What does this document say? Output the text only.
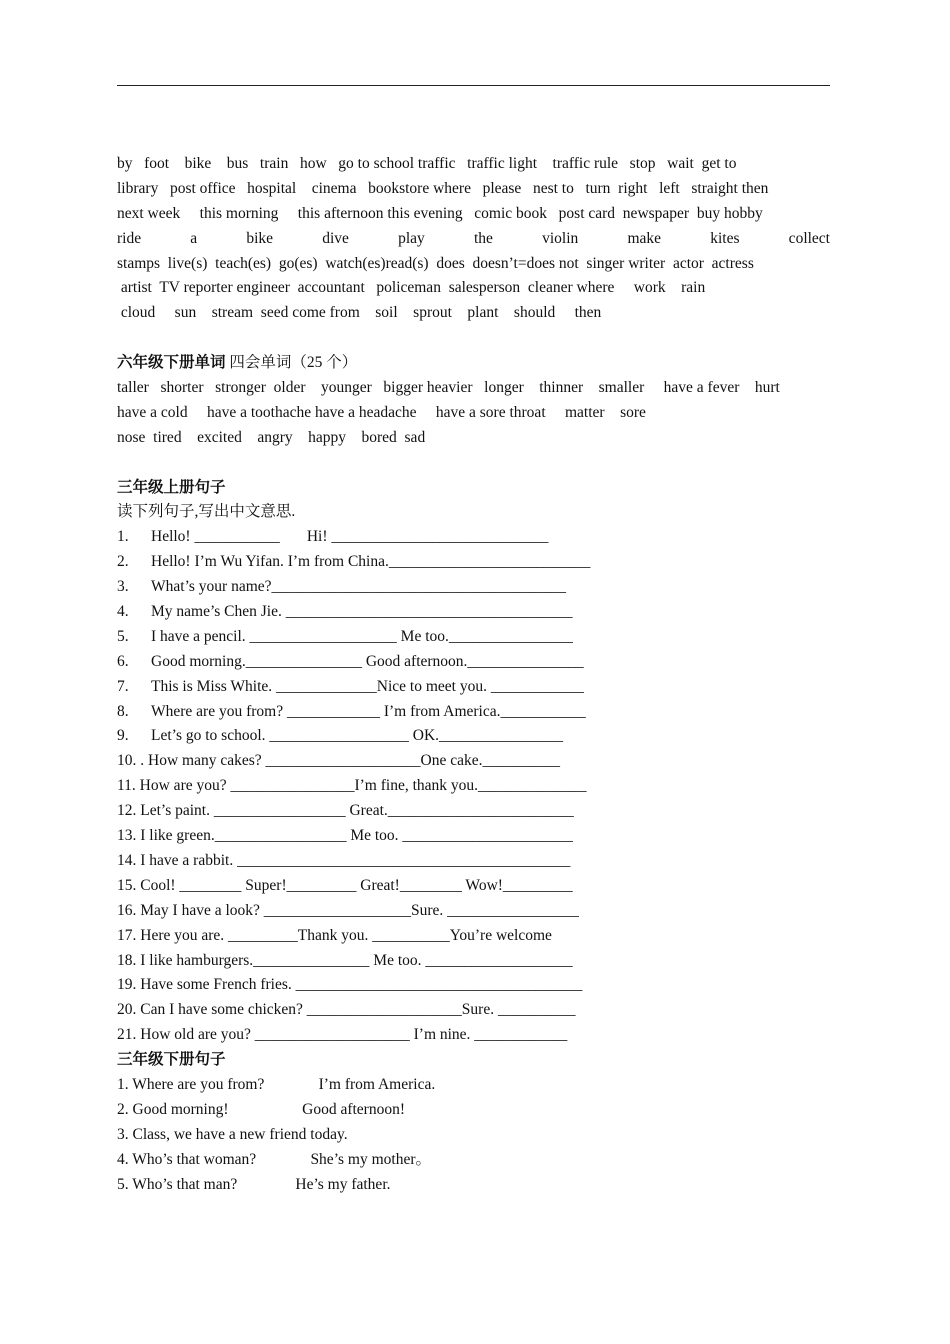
by   foot    bike    bus   train   how   go to school traffic   traffic light    traffic rule   stop   wait  get to
library   post office   hospital    cinema   bookstore where   please   nest to   turn  right   left   straight then
next week     this morning     this afternoon this evening   comic book   post card  newspaper  buy hobby
ride a bike dive play the violin make kites collect
stamps  live(s)  teach(es)  go(es)  watch(es)read(s)  does  doesn’t=does not  singer writer  actor  actress
artist  TV reporter engineer  accountant   policeman  salesperson  cleaner where     work    rain
cloud     sun    stream  seed come from    soil    sprout    plant    should     then
六年级下册单词 四会单词（25 个）
taller   shorter   stronger  older    younger   bigger heavier   longer    thinner    smaller     have a fever    hurt
have a cold     have a toothache have a headache     have a sore throat     matter    sore
nose  tired    excited    angry    happy    bored  sad
三年级上册句子
读下列句子,写出中文意思.
1. Hello! ___________       Hi! ____________________________
2. Hello! I’m Wu Yifan. I’m from China.__________________________
3. What’s your name?______________________________________
4. My name’s Chen Jie. _____________________________________
5. I have a pencil. ___________________ Me too.________________
6. Good morning._______________ Good afternoon._______________
7. This is Miss White. _____________Nice to meet you. ____________
8. Where are you from? ____________ I’m from America.___________
9. Let’s go to school. __________________ OK.________________
10. . How many cakes? ____________________One cake.__________
11. How are you? ________________I’m fine, thank you.______________
12. Let’s paint. _________________ Great.________________________
13. I like green._________________ Me too. ______________________
14. I have a rabbit. ___________________________________________
15. Cool! ________ Super!_________ Great!________ Wow!_________
16. May I have a look? ___________________Sure. _________________
17. Here you are. _________Thank you. __________You’re welcome
18. I like hamburgers._______________ Me too. ___________________
19. Have some French fries. _____________________________________
20. Can I have some chicken? ____________________Sure. __________
21. How old are you? ____________________ I’m nine. ____________
三年级下册句子
1. Where are you from?              I’m from America.
2. Good morning!                   Good afternoon!
3. Class, we have a new friend today.
4. Who’s that woman?              She’s my mother。
5. Who’s that man?               He’s my father.
